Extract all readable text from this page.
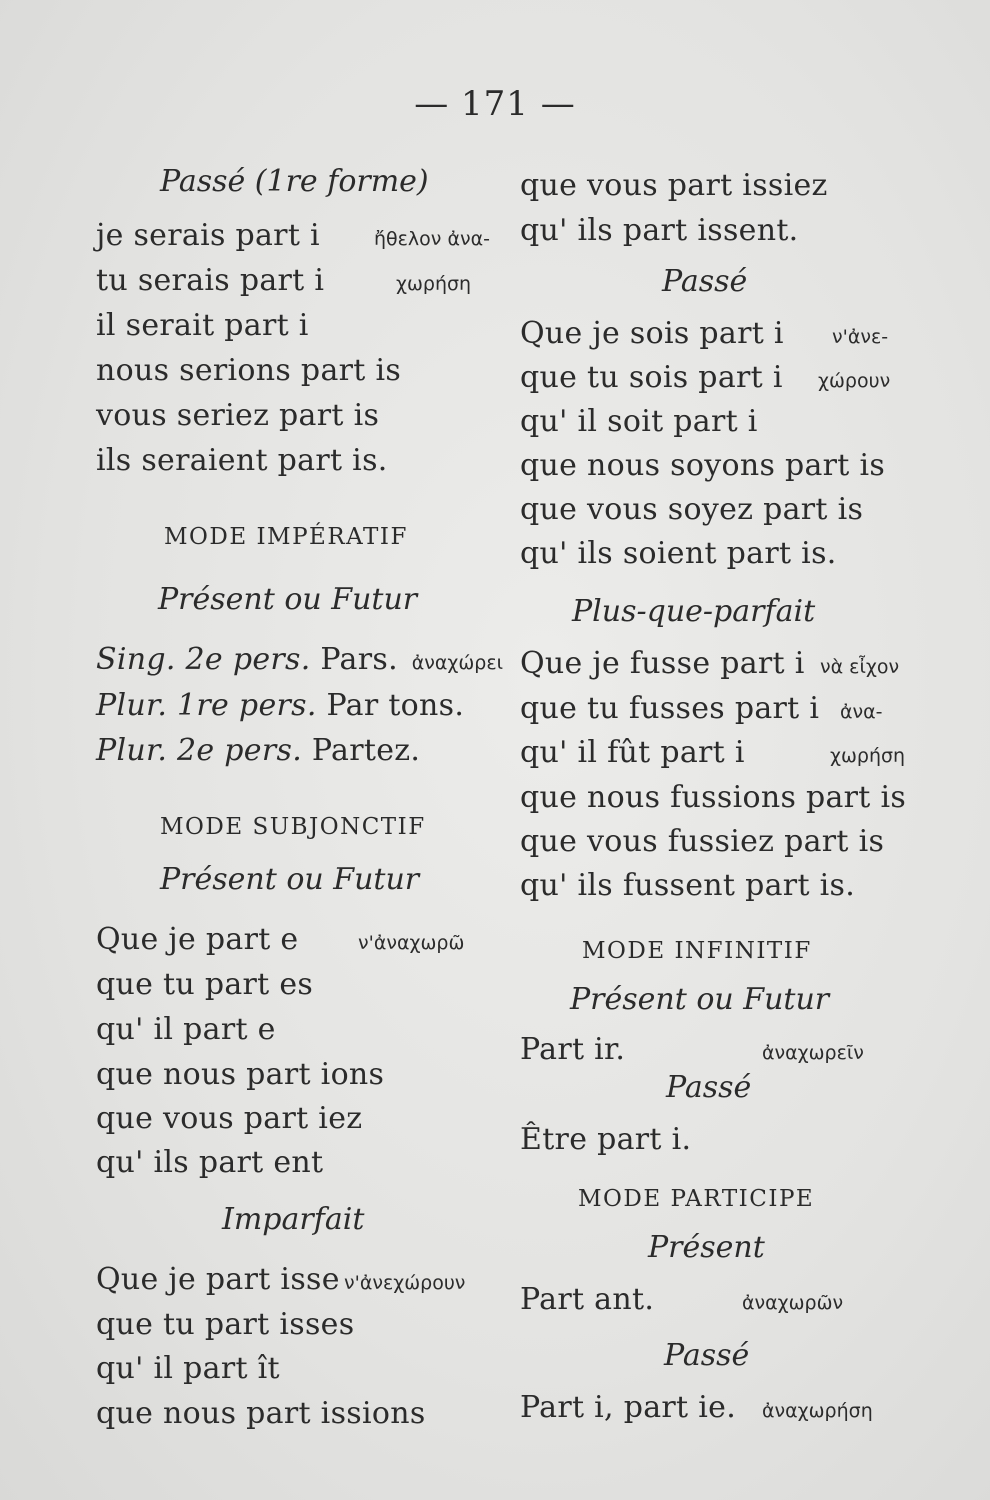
— 171 —
Passé (1re forme)
je serais part i	ἤθελον ἀνα-
tu serais part i	χωρήση
il serait part i
nous serions part is
vous seriez part is
ils seraient part is.
MODE IMPÉRATIF
Présent ou Futur
Sing. 2e pers. Pars. ἀναχώρει
Plur. 1re pers. Par tons.
Plur. 2e pers. Partez.
MODE SUBJONCTIF
Présent ou Futur
Que je part e	ν'ἀναχωρῶ
que tu part es
qu' il part e
que nous part ions
que vous part iez
qu' ils part ent
Imparfait
Que je part isse ν'ἀνεχώρουν
que tu part isses
qu' il part ît
que nous part issions
que vous part issiez
qu' ils part issent.
Passé
Que je sois part i	ν'ἀνε-
que tu sois part i χώρουν
qu' il soit part i
que nous soyons part is
que vous soyez part is
qu' ils soient part is.
Plus-que-parfait
Que je fusse part i νὰ εἶχον
que tu fusses part i ἀνα-
qu' il fût part i	χωρήση
que nous fussions part is
que vous fussiez part is
qu' ils fussent part is.
MODE INFINITIF
Présent ou Futur
Part ir.	ἀναχωρεῖν
Passé
Être part i.
MODE PARTICIPE
Présent
Part ant.	ἀναχωρῶν
Passé
Part i, part ie. ἀναχωρήση
